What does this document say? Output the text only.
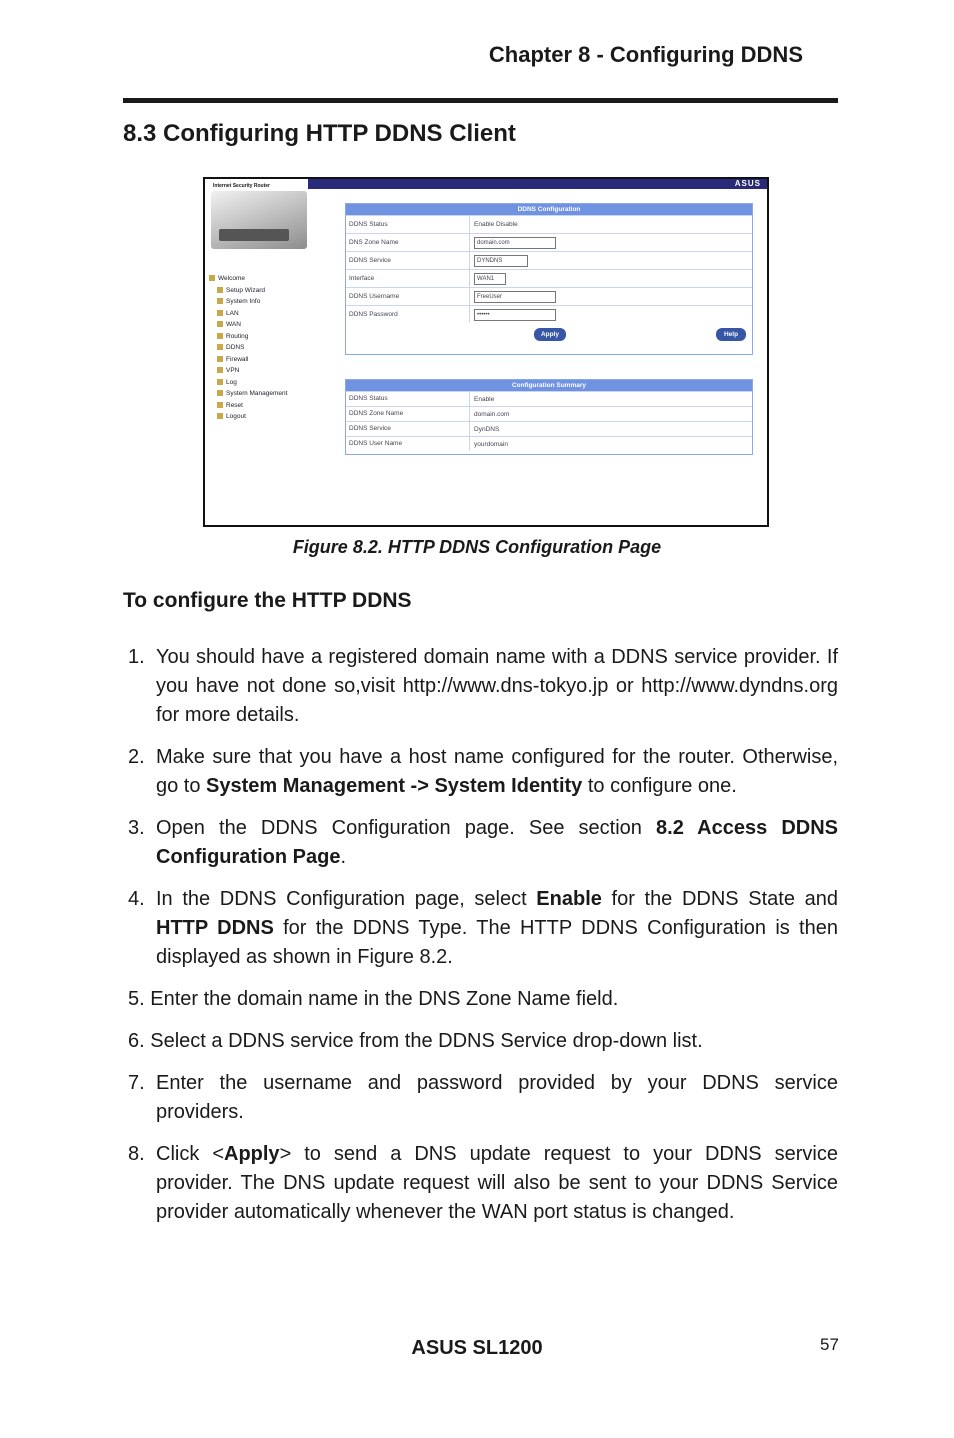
Chapter 8 - Configuring DDNS
8.3 Configuring HTTP DDNS Client
ASUS
Internet Security Router
Welcome
Setup Wizard
System Info
LAN
WAN
Routing
DDNS
Firewall
VPN
Log
System Management
Reset
Logout
DDNS Configuration
DDNS Status	Enable Disable
DNS Zone Name	domain.com
DDNS Service	DYNDNS
Interface	WAN1
DDNS Username	FreeUser
DDNS Password	••••••
Apply	Help
Configuration Summary
DDNS Status	Enable
DDNS Zone Name	domain.com
DDNS Service	DynDNS
DDNS User Name	yourdomain
Figure 8.2. HTTP DDNS Configuration Page
To configure the HTTP DDNS
1. You should have a registered domain name with a DDNS service provider. If you have not done so,visit http://www.dns-tokyo.jp or http://www.dyndns.org for more details.
2. Make sure that you have a host name configured for the router. Otherwise, go to System Management -> System Identity to configure one.
3. Open the DDNS Configuration page. See section 8.2 Access DDNS Configuration Page.
4. In the DDNS Configuration page, select Enable for the DDNS State and HTTP DDNS for the DDNS Type. The HTTP DDNS Configuration is then displayed as shown in Figure 8.2.
5. Enter the domain name in the DNS Zone Name field.
6. Select a DDNS service from the DDNS Service drop-down list.
7. Enter the username and password provided by your DDNS service providers.
8. Click <Apply> to send a DNS update request to your DDNS service provider. The DNS update request will also be sent to your DDNS Service provider automatically whenever the WAN port status is changed.
ASUS SL1200	57
